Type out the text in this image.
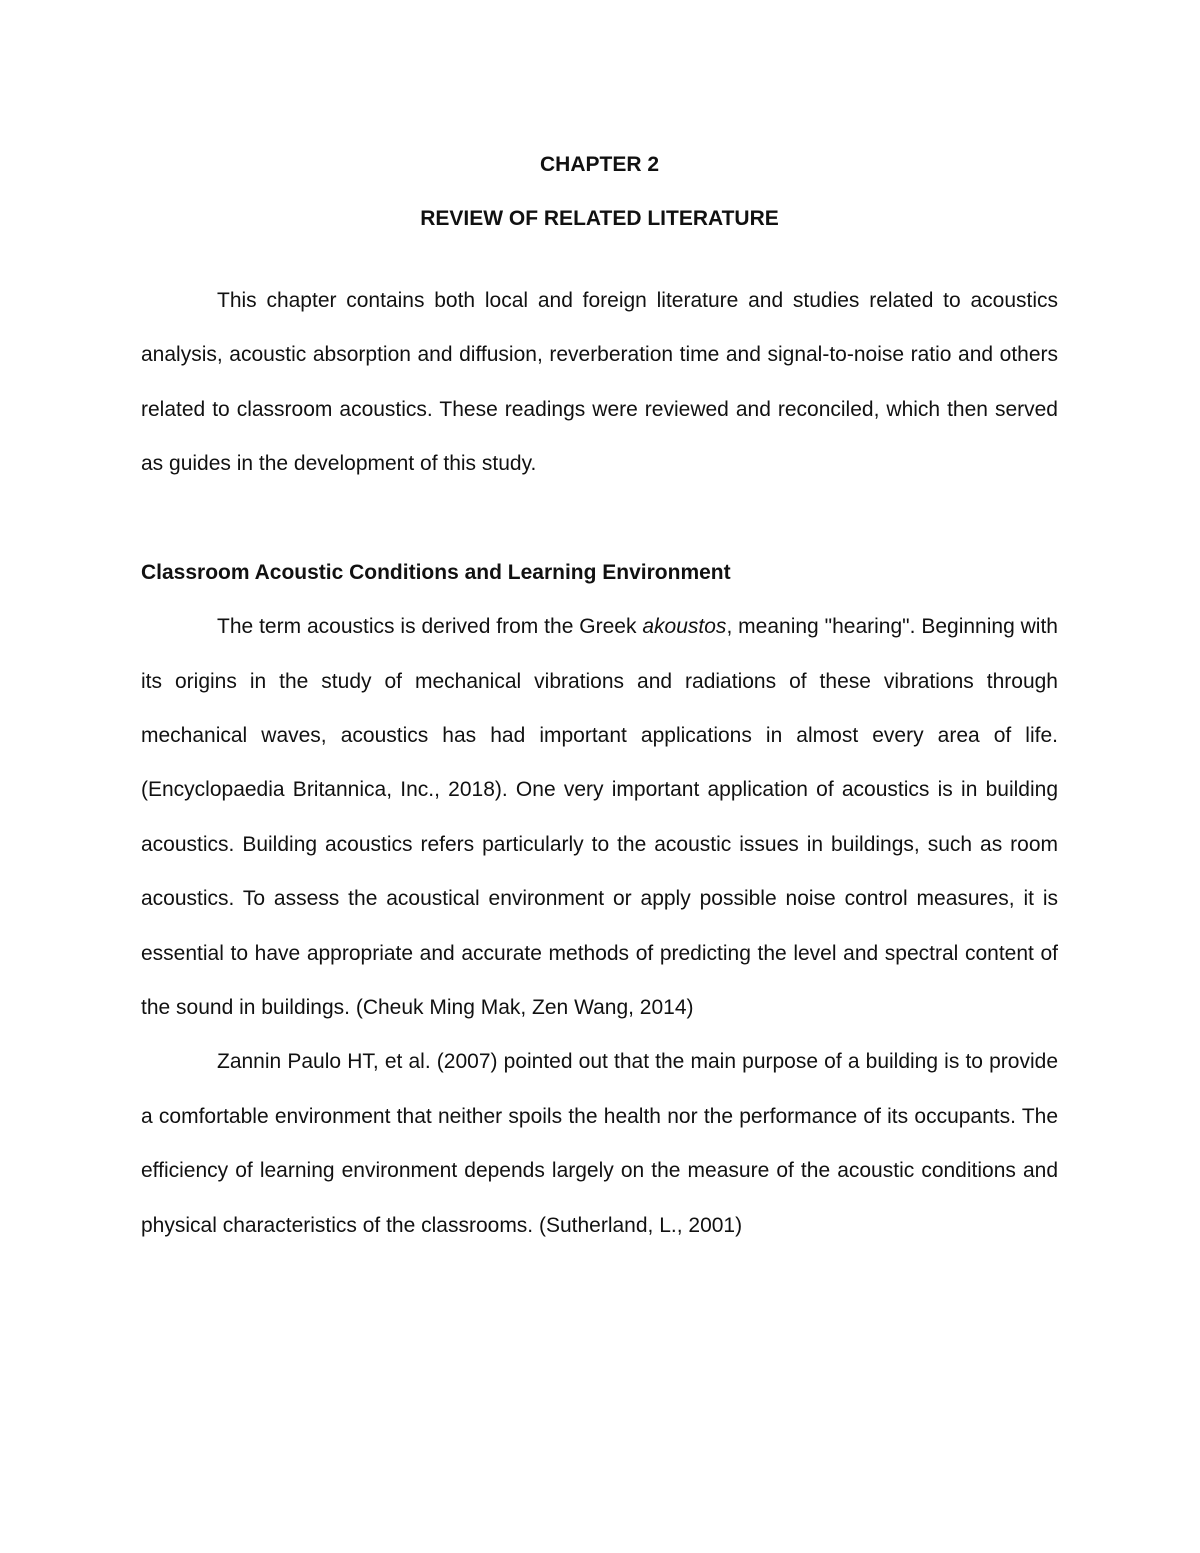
CHAPTER 2
REVIEW OF RELATED LITERATURE

This chapter contains both local and foreign literature and studies related to acoustics analysis, acoustic absorption and diffusion, reverberation time and signal-to-noise ratio and others related to classroom acoustics. These readings were reviewed and reconciled, which then served as guides in the development of this study.

Classroom Acoustic Conditions and Learning Environment

The term acoustics is derived from the Greek akoustos, meaning "hearing". Beginning with its origins in the study of mechanical vibrations and radiations of these vibrations through mechanical waves, acoustics has had important applications in almost every area of life. (Encyclopaedia Britannica, Inc., 2018). One very important application of acoustics is in building acoustics. Building acoustics refers particularly to the acoustic issues in buildings, such as room acoustics. To assess the acoustical environment or apply possible noise control measures, it is essential to have appropriate and accurate methods of predicting the level and spectral content of the sound in buildings. (Cheuk Ming Mak, Zen Wang, 2014)

Zannin Paulo HT, et al. (2007) pointed out that the main purpose of a building is to provide a comfortable environment that neither spoils the health nor the performance of its occupants. The efficiency of learning environment depends largely on the measure of the acoustic conditions and physical characteristics of the classrooms. (Sutherland, L., 2001)
